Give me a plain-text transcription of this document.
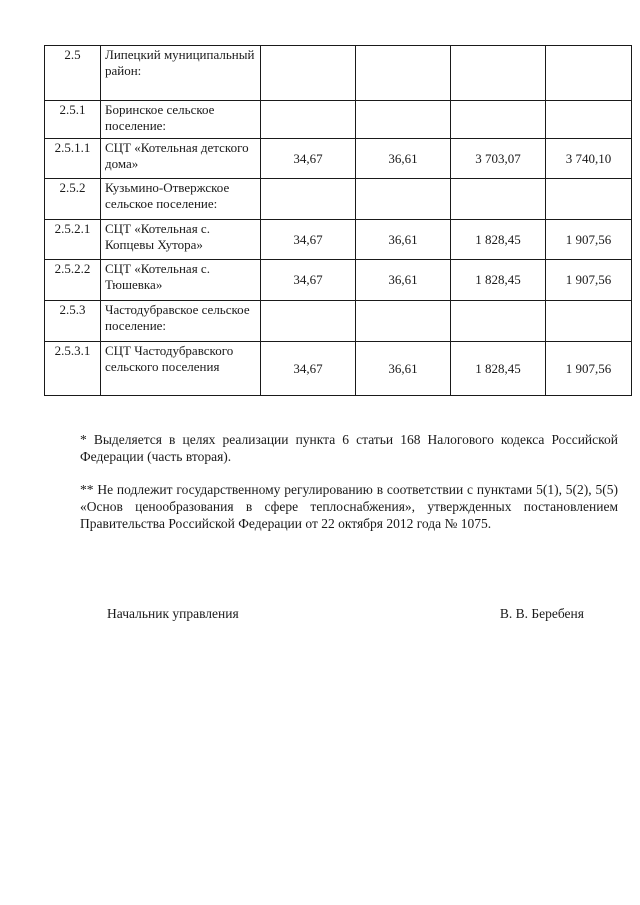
2.5	Липецкий муниципальный район:				
2.5.1	Боринское сельское поселение:				
2.5.1.1	СЦТ «Котельная детского дома»	34,67	36,61	3 703,07	3 740,10
2.5.2	Кузьмино-Отвержское сельское поселение:				
2.5.2.1	СЦТ «Котельная с. Копцевы Хутора»	34,67	36,61	1 828,45	1 907,56
2.5.2.2	СЦТ «Котельная с. Тюшевка»	34,67	36,61	1 828,45	1 907,56
2.5.3	Частодубравское сельское поселение:				
2.5.3.1	СЦТ Частодубравского сельского поселения	34,67	36,61	1 828,45	1 907,56

* Выделяется в целях реализации пункта 6 статьи 168 Налогового кодекса Российской Федерации (часть вторая).

** Не подлежит государственному регулированию в соответствии с пунктами 5(1), 5(2), 5(5) «Основ ценообразования в сфере теплоснабжения», утвержденных постановлением Правительства Российской Федерации от 22 октября 2012 года № 1075.

Начальник управления	В. В. Беребеня
